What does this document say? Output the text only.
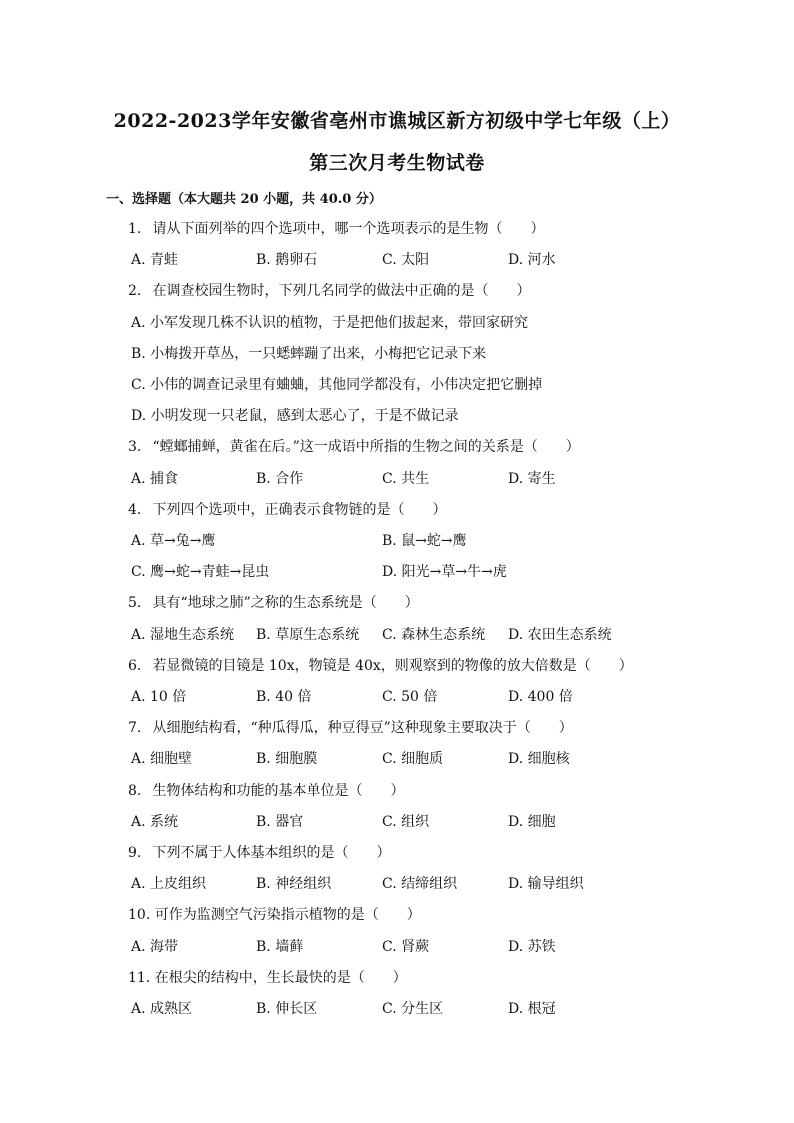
2022-2023学年安徽省亳州市谯城区新方初级中学七年级（上）
第三次月考生物试卷
一、选择题（本大题共 20 小题，共 40.0 分）
1. 请从下面列举的四个选项中，哪一个选项表示的是生物（　　）
A. 青蛙	B. 鹅卵石	C. 太阳	D. 河水
2. 在调查校园生物时，下列几名同学的做法中正确的是（　　）
A. 小军发现几株不认识的植物，于是把他们拔起来，带回家研究
B. 小梅拨开草丛，一只蟋蟀蹦了出来，小梅把它记录下来
C. 小伟的调查记录里有蛐蛐，其他同学都没有，小伟决定把它删掉
D. 小明发现一只老鼠，感到太恶心了，于是不做记录
3. “螳螂捕蝉，黄雀在后。”这一成语中所指的生物之间的关系是（　　）
A. 捕食	B. 合作	C. 共生	D. 寄生
4. 下列四个选项中，正确表示食物链的是（　　）
A. 草→兔→鹰	B. 鼠→蛇→鹰
C. 鹰→蛇→青蛙→昆虫	D. 阳光→草→牛→虎
5. 具有“地球之肺”之称的生态系统是（　　）
A. 湿地生态系统 B. 草原生态系统 C. 森林生态系统 D. 农田生态系统
6. 若显微镜的目镜是 10x，物镜是 40x，则观察到的物像的放大倍数是（　　）
A. 10 倍	B. 40 倍	C. 50 倍	D. 400 倍
7. 从细胞结构看，“种瓜得瓜，种豆得豆”这种现象主要取决于（　　）
A. 细胞壁	B. 细胞膜	C. 细胞质	D. 细胞核
8. 生物体结构和功能的基本单位是（　　）
A. 系统	B. 器官	C. 组织	D. 细胞
9. 下列不属于人体基本组织的是（　　）
A. 上皮组织	B. 神经组织	C. 结缔组织	D. 输导组织
10. 可作为监测空气污染指示植物的是（　　）
A. 海带	B. 墙藓	C. 肾蕨	D. 苏铁
11. 在根尖的结构中，生长最快的是（　　）
A. 成熟区	B. 伸长区	C. 分生区	D. 根冠
